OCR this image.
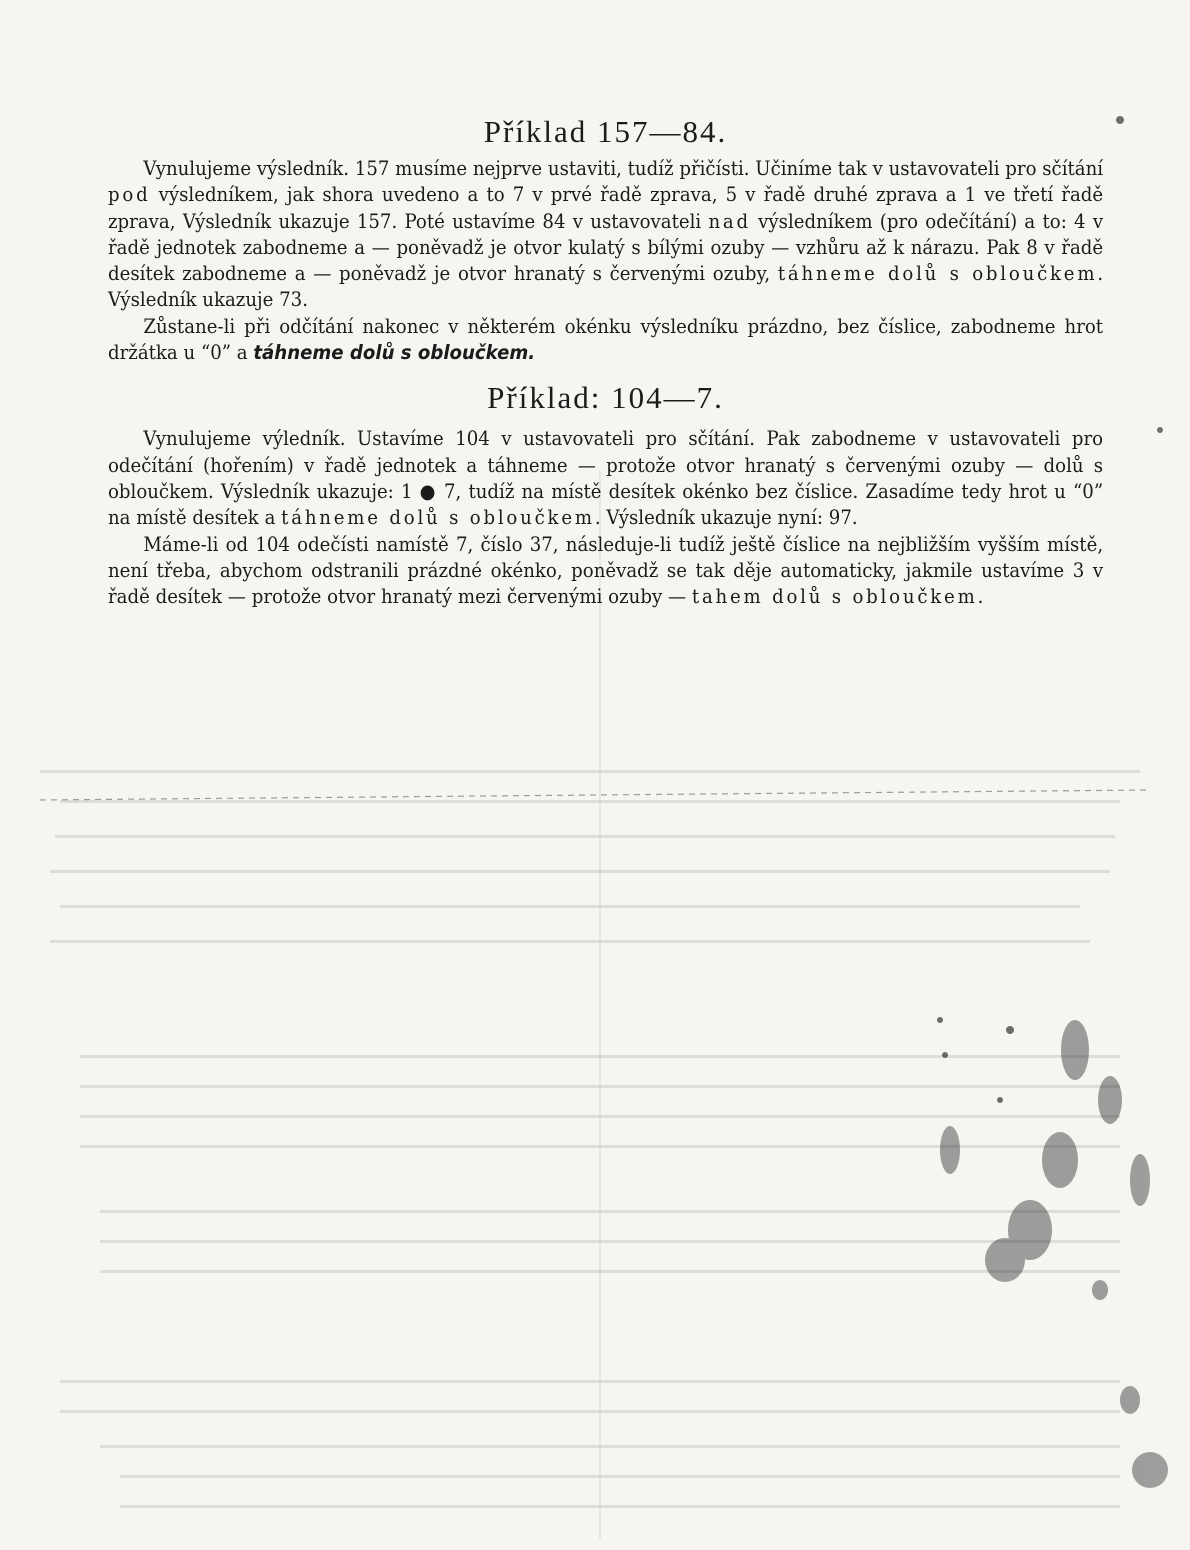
Příklad 157—84.

Vynulujeme výsledník. 157 musíme nejprve ustaviti, tudíž přičísti. Učiníme tak v ustavovateli pro sčítání pod výsledníkem, jak shora uvedeno a to 7 v prvé řadě zprava, 5 v řadě druhé zprava a 1 ve třetí řadě zprava, Výsledník ukazuje 157. Poté ustavíme 84 v ustavovateli nad výsledníkem (pro odečítání) a to: 4 v řadě jednotek zabodneme a — poněvadž je otvor kulatý s bílými ozuby — vzhůru až k nárazu. Pak 8 v řadě desítek zabodneme a — poněvadž je otvor hranatý s červenými ozuby, táhneme dolů s obloučkem. Výsledník ukazuje 73.

Zůstane-li při odčítání nakonec v některém okénku výsledníku prázdno, bez číslice, zabodneme hrot držátka u “0” a táhneme dolů s obloučkem.

Příklad: 104—7.

Vynulujeme výledník. Ustavíme 104 v ustavovateli pro sčítání. Pak zabodneme v ustavovateli pro odečítání (hořením) v řadě jednotek a táhneme — protože otvor hranatý s červenými ozuby — dolů s obloučkem. Výsledník ukazuje: 1 ● 7, tudíž na místě desítek okénko bez číslice. Zasadíme tedy hrot u “0” na místě desítek a táhneme dolů s obloučkem. Výsledník ukazuje nyní: 97.

Máme-li od 104 odečísti namístě 7, číslo 37, následuje-li tudíž ještě číslice na nejbližším vyšším místě, není třeba, abychom odstranili prázdné okénko, poněvadž se tak děje automaticky, jakmile ustavíme 3 v řadě desítek — protože otvor hranatý mezi červenými ozuby — tahem dolů s obloučkem.
